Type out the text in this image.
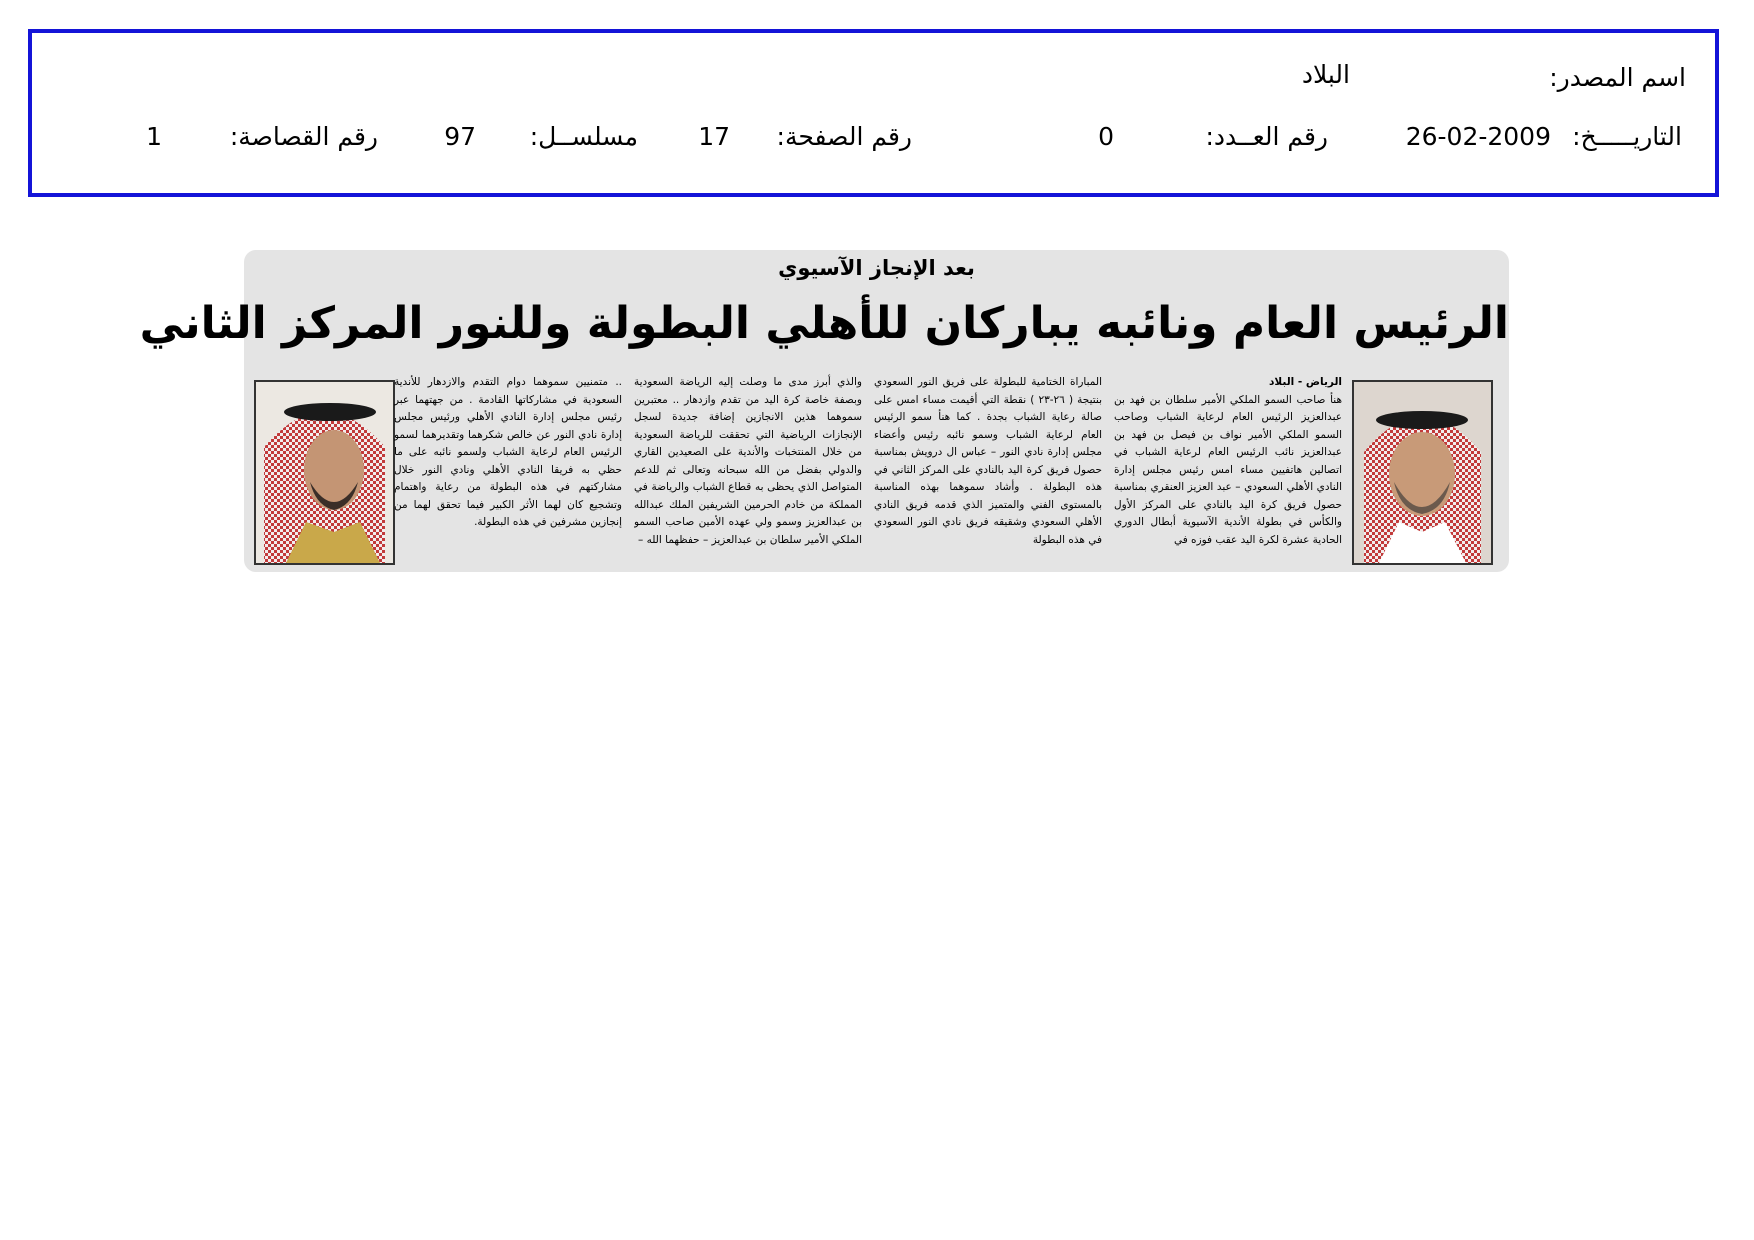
اسم المصدر:
البلاد
التاريـــــخ:
26-02-2009
رقم العــدد:
0
رقم الصفحة:
17
مسلســل:
97
رقم القصاصة:
1
بعد الإنجاز الآسيوي
الرئيس العام ونائبه يباركان للأهلي البطولة وللنور المركز الثاني
الرياض - البلاد
هنأ صاحب السمو الملكي الأمير سلطان بن فهد بن عبدالعزيز الرئيس العام لرعاية الشباب وصاحب السمو الملكي الأمير نواف بن فيصل بن فهد بن عبدالعزيز نائب الرئيس العام لرعاية الشباب في اتصالين هاتفيين مساء امس رئيس مجلس إدارة النادي الأهلي السعودي – عبد العزيز العنقري بمناسبة حصول فريق كرة اليد بالنادي على المركز الأول والكأس في بطولة الأندية الآسيوية أبطال الدوري الحادية عشرة لكرة اليد عقب فوزه في
المباراة الختامية للبطولة على فريق النور السعودي بنتيجة ( ٢٦-٢٣ ) نقطة التي أقيمت مساء امس على صالة رعاية الشباب بجدة . كما هنأ سمو الرئيس العام لرعاية الشباب وسمو نائبه رئيس وأعضاء مجلس إدارة نادي النور – عباس ال درويش بمناسبة حصول فريق كرة اليد بالنادي على المركز الثاني في هذه البطولة . وأشاد سموهما بهذه المناسبة بالمستوى الفني والمتميز الذي قدمه فريق النادي الأهلي السعودي وشقيقه فريق نادي النور السعودي في هذه البطولة
والذي أبرز مدى ما وصلت إليه الرياضة السعودية وبصفة خاصة كرة اليد من تقدم وازدهار .. معتبرين سموهما هذين الانجازين إضافة جديدة لسجل الإنجازات الرياضية التي تحققت للرياضة السعودية من خلال المنتخبات والأندية على الصعيدين القاري والدولي بفضل من الله سبحانه وتعالى ثم للدعم المتواصل الذي يحظى به قطاع الشباب والرياضة في المملكة من خادم الحرمين الشريفين الملك عبدالله بن عبدالعزيز وسمو ولي عهده الأمين صاحب السمو الملكي الأمير سلطان بن عبدالعزيز – حفظهما الله –
.. متمنيين سموهما دوام التقدم والازدهار للأندية السعودية في مشاركاتها القادمة . من جهتهما عبر رئيس مجلس إدارة النادي الأهلي ورئيس مجلس إدارة نادي النور عن خالص شكرهما وتقديرهما لسمو الرئيس العام لرعاية الشباب ولسمو نائبه على ما حظي به فريقا النادي الأهلي ونادي النور خلال مشاركتهم في هذه البطولة من رعاية واهتمام وتشجيع كان لهما الأثر الكبير فيما تحقق لهما من إنجازين مشرفين في هذه البطولة.
